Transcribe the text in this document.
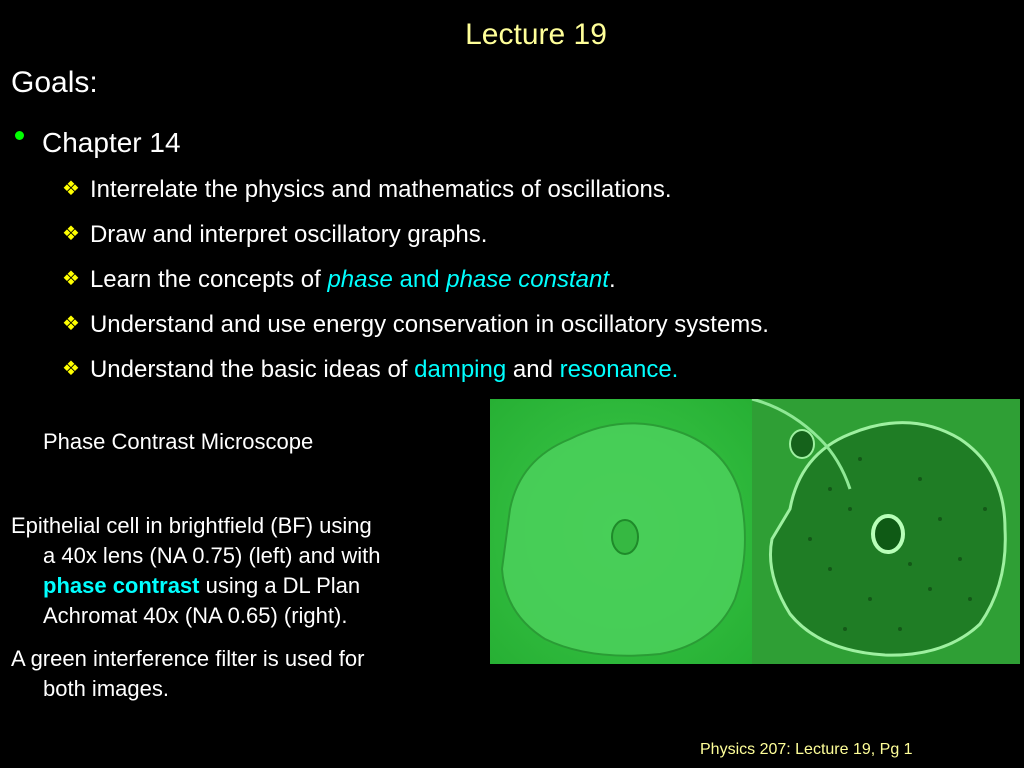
Lecture 19
Goals:
Chapter 14
❖ Interrelate the physics and mathematics of oscillations.
❖ Draw and interpret oscillatory graphs.
❖ Learn the concepts of phase and phase constant.
❖ Understand and use energy conservation in oscillatory systems.
❖ Understand the basic ideas of damping and resonance.
Phase Contrast Microscope
Epithelial cell in brightfield (BF) using
a 40x lens (NA 0.75) (left) and with
phase contrast using a DL Plan
Achromat 40x (NA 0.65) (right).
A green interference filter is used for
both images.
Physics 207: Lecture 19, Pg 1
